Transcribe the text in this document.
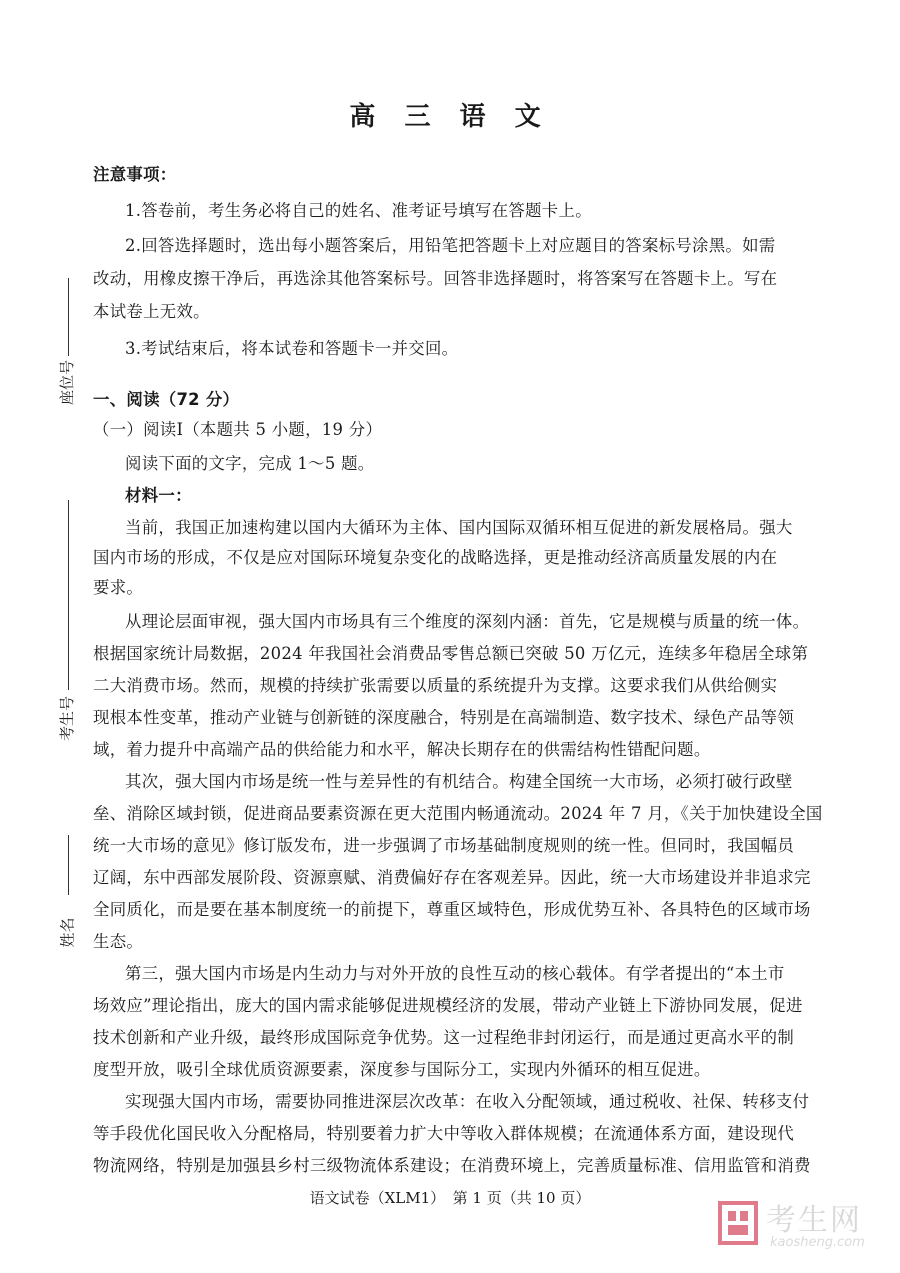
高 三 语 文
注意事项：
1.答卷前，考生务必将自己的姓名、准考证号填写在答题卡上。
2.回答选择题时，选出每小题答案后，用铅笔把答题卡上对应题目的答案标号涂黑。如需
改动，用橡皮擦干净后，再选涂其他答案标号。回答非选择题时，将答案写在答题卡上。写在
本试卷上无效。
3.考试结束后，将本试卷和答题卡一并交回。
一、阅读（72 分）
（一）阅读Ⅰ（本题共 5 小题，19 分）
阅读下面的文字，完成 1～5 题。
材料一：
当前，我国正加速构建以国内大循环为主体、国内国际双循环相互促进的新发展格局。强大
国内市场的形成，不仅是应对国际环境复杂变化的战略选择，更是推动经济高质量发展的内在
要求。
从理论层面审视，强大国内市场具有三个维度的深刻内涵：首先，它是规模与质量的统一体。
根据国家统计局数据，2024 年我国社会消费品零售总额已突破 50 万亿元，连续多年稳居全球第
二大消费市场。然而，规模的持续扩张需要以质量的系统提升为支撑。这要求我们从供给侧实
现根本性变革，推动产业链与创新链的深度融合，特别是在高端制造、数字技术、绿色产品等领
域，着力提升中高端产品的供给能力和水平，解决长期存在的供需结构性错配问题。
其次，强大国内市场是统一性与差异性的有机结合。构建全国统一大市场，必须打破行政壁
垒、消除区域封锁，促进商品要素资源在更大范围内畅通流动。2024 年 7 月，《关于加快建设全国
统一大市场的意见》修订版发布，进一步强调了市场基础制度规则的统一性。但同时，我国幅员
辽阔，东中西部发展阶段、资源禀赋、消费偏好存在客观差异。因此，统一大市场建设并非追求完
全同质化，而是要在基本制度统一的前提下，尊重区域特色，形成优势互补、各具特色的区域市场
生态。
第三，强大国内市场是内生动力与对外开放的良性互动的核心载体。有学者提出的“本土市
场效应”理论指出，庞大的国内需求能够促进规模经济的发展，带动产业链上下游协同发展，促进
技术创新和产业升级，最终形成国际竞争优势。这一过程绝非封闭运行，而是通过更高水平的制
度型开放，吸引全球优质资源要素，深度参与国际分工，实现内外循环的相互促进。
实现强大国内市场，需要协同推进深层次改革：在收入分配领域，通过税收、社保、转移支付
等手段优化国民收入分配格局，特别要着力扩大中等收入群体规模；在流通体系方面，建设现代
物流网络，特别是加强县乡村三级物流体系建设；在消费环境上，完善质量标准、信用监管和消费
座位号
考生号
姓名
语文试卷（XLM1）　第 1 页（共 10 页）
考生网
kaosheng.com
